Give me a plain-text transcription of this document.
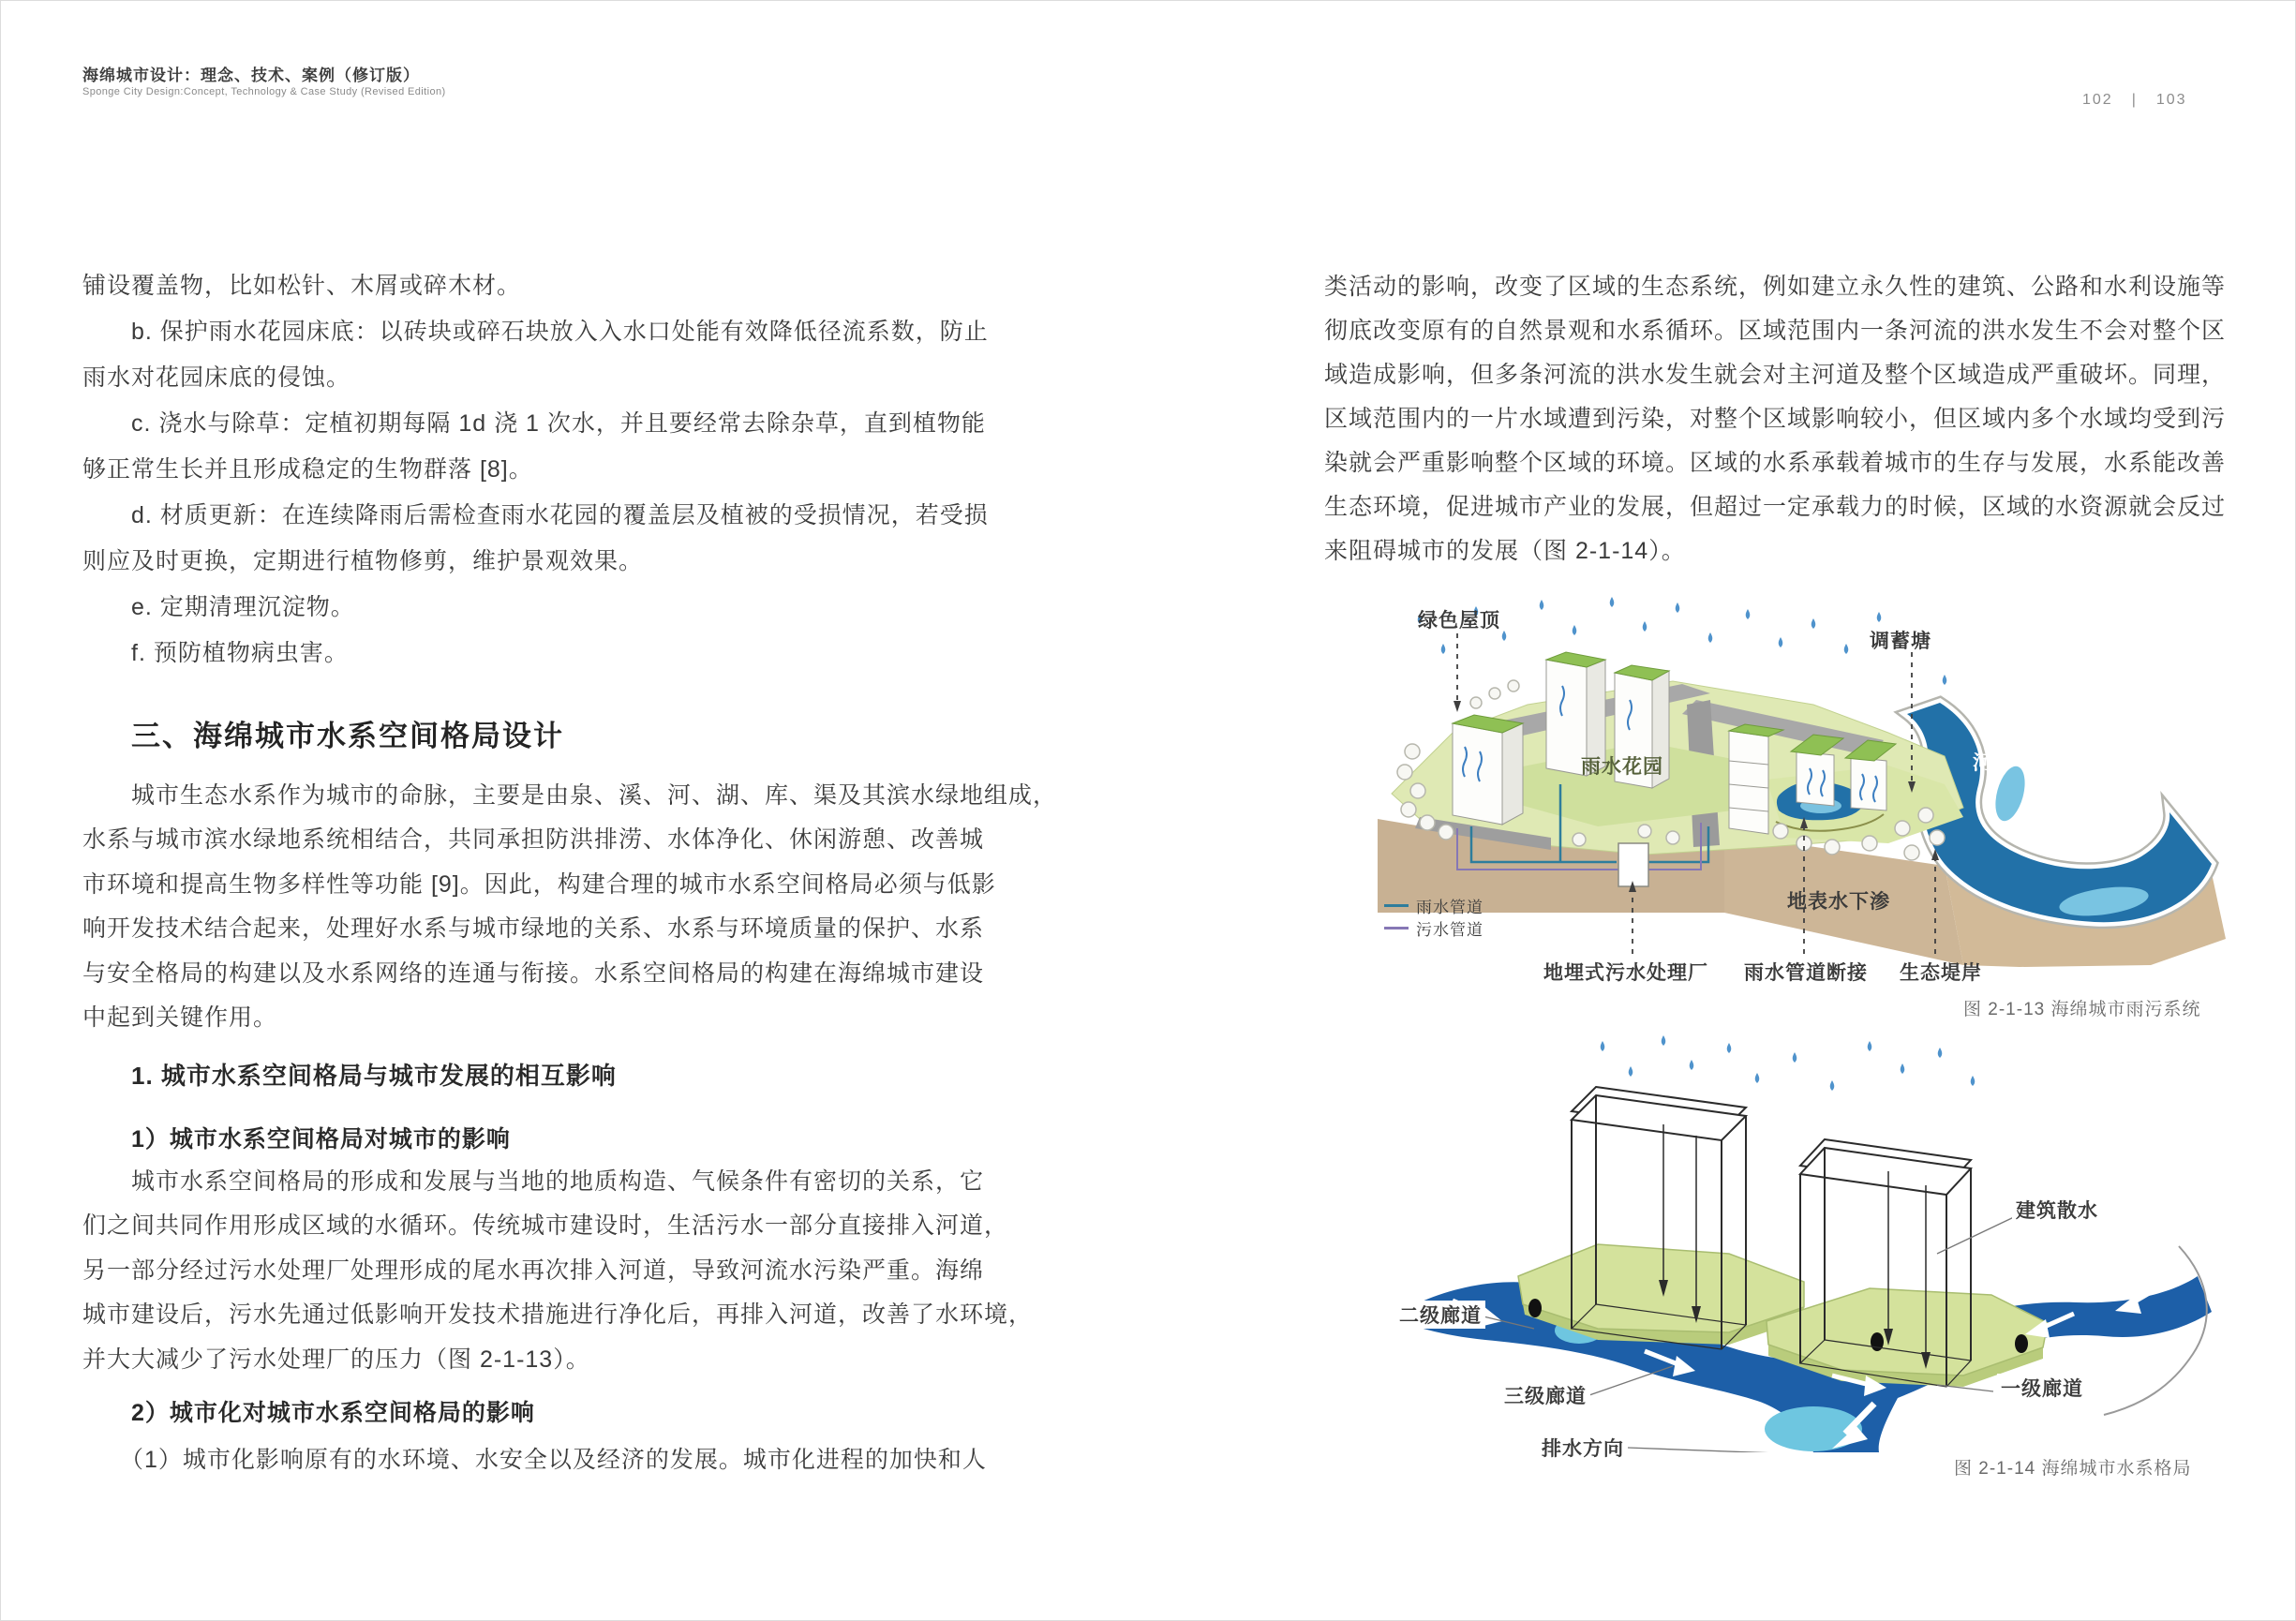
海绵城市设计：理念、技术、案例（修订版）
Sponge City Design:Concept, Technology & Case Study (Revised Edition)	102 | 103
铺设覆盖物，比如松针、木屑或碎木材。
b. 保护雨水花园床底：以砖块或碎石块放入入水口处能有效降低径流系数，防止
雨水对花园床底的侵蚀。
c. 浇水与除草：定植初期每隔 1d 浇 1 次水，并且要经常去除杂草，直到植物能
够正常生长并且形成稳定的生物群落 [8]。
d. 材质更新：在连续降雨后需检查雨水花园的覆盖层及植被的受损情况，若受损
则应及时更换，定期进行植物修剪，维护景观效果。
e. 定期清理沉淀物。
f. 预防植物病虫害。
三、海绵城市水系空间格局设计
城市生态水系作为城市的命脉，主要是由泉、溪、河、湖、库、渠及其滨水绿地组成，
水系与城市滨水绿地系统相结合，共同承担防洪排涝、水体净化、休闲游憩、改善城
市环境和提高生物多样性等功能 [9]。因此，构建合理的城市水系空间格局必须与低影
响开发技术结合起来，处理好水系与城市绿地的关系、水系与环境质量的保护、水系
与安全格局的构建以及水系网络的连通与衔接。水系空间格局的构建在海绵城市建设
中起到关键作用。
1. 城市水系空间格局与城市发展的相互影响
1）城市水系空间格局对城市的影响
城市水系空间格局的形成和发展与当地的地质构造、气候条件有密切的关系，它
们之间共同作用形成区域的水循环。传统城市建设时，生活污水一部分直接排入河道，
另一部分经过污水处理厂处理形成的尾水再次排入河道，导致河流水污染严重。海绵
城市建设后，污水先通过低影响开发技术措施进行净化后，再排入河道，改善了水环境，
并大大减少了污水处理厂的压力（图 2-1-13）。
2）城市化对城市水系空间格局的影响
（1）城市化影响原有的水环境、水安全以及经济的发展。城市化进程的加快和人
类活动的影响，改变了区域的生态系统，例如建立永久性的建筑、公路和水利设施等
彻底改变原有的自然景观和水系循环。区域范围内一条河流的洪水发生不会对整个区
域造成影响，但多条河流的洪水发生就会对主河道及整个区域造成严重破坏。同理，
区域范围内的一片水域遭到污染，对整个区域影响较小，但区域内多个水域均受到污
染就会严重影响整个区域的环境。区域的水系承载着城市的生存与发展，水系能改善
生态环境，促进城市产业的发展，但超过一定承载力的时候，区域的水资源就会反过
来阻碍城市的发展（图 2-1-14）。
绿色屋顶
调蓄塘
雨水花园	河
地表水下渗
地埋式污水处理厂 雨水管道断接 生态堤岸
雨水管道
污水管道
图 2-1-13 海绵城市雨污系统
建筑散水
二级廊道
三级廊道
排水方向
一级廊道
图 2-1-14 海绵城市水系格局
